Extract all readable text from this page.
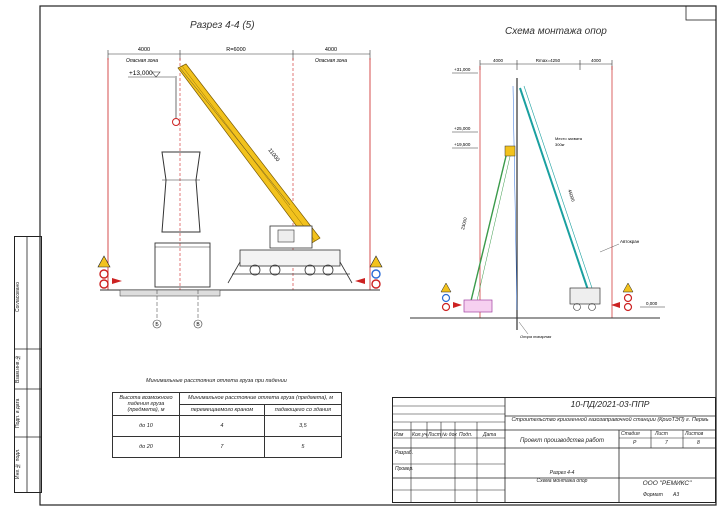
4000	R=6000	4000
Опасная зона	Опасная зона
+13,000
11000
Б	В
4000	Rmax=4250	4000
+31,000
+25,000
+19,500
0,000
45000
Место захвата
300кг
23000
Автокран
Опора пожарная
Разрез 4-4 (5)
Схема монтажа опор
Минимальные расстояния отлета груза при падении
Высота возможного падения груза (предмета), м	Минимальное расстояние отлета груза (предмета), м	
	перемещаемого краном	падающего со здания
до 10	4	3,5
до 20	7	5
Согласовано
Взам.инв.№
Подп. и дата
Инв.№ подл.
10-ПД/2021-03-ППР
Строительство криогенной газозаправочной станции (КриоТЭП) г. Пермь
Изм Кол.уч Лист № док Подп. Дата
Разраб.
Провер.
Проект производства работ
Стадия	Лист	Листов
Р	7	8
Разрез 4-4
Схема монтажа опор	ООО "РЕМИКС"
Формат А3
